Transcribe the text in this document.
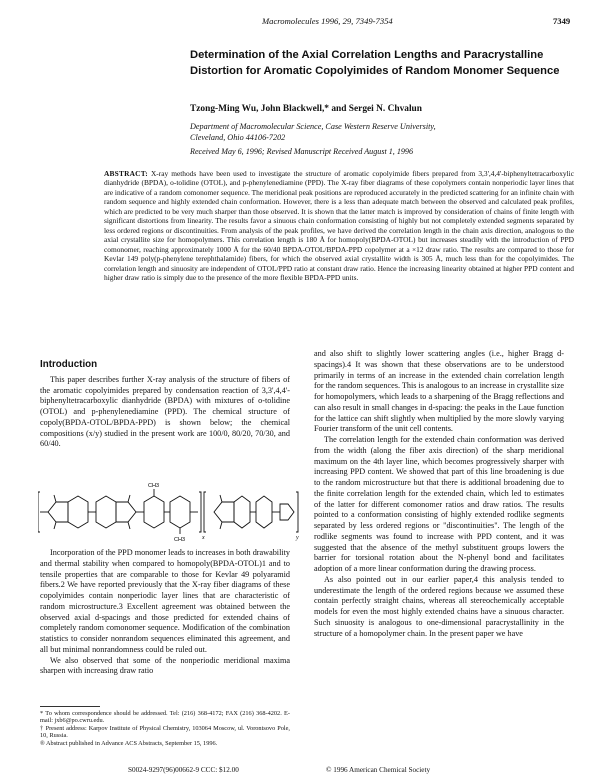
Macromolecules 1996, 29, 7349-7354	7349
Determination of the Axial Correlation Lengths and Paracrystalline Distortion for Aromatic Copolyimides of Random Monomer Sequence

Tzong-Ming Wu, John Blackwell,* and Sergei N. Chvalun

Department of Macromolecular Science, Case Western Reserve University, Cleveland, Ohio 44106-7202

Received May 6, 1996; Revised Manuscript Received August 1, 1996

ABSTRACT: X-ray methods have been used to investigate the structure of aromatic copolyimide fibers prepared from 3,3',4,4'-biphenyltetracarboxylic dianhydride (BPDA), o-tolidine (OTOL), and p-phenylenediamine (PPD). The X-ray fiber diagrams of these copolymers contain nonperiodic layer lines that are indicative of a random comonomer sequence. The meridional peak positions are reproduced accurately in the predicted scattering for an infinite chain with random sequence and highly extended chain conformation. However, there is a less than adequate match between the observed and calculated peak profiles, which are predicted to be very much sharper than those observed. It is shown that the latter match is improved by consideration of chains of finite length with significant distortions from linearity. The results favor a sinuous chain conformation consisting of highly but not completely extended segments separated by less ordered regions or discontinuities. From analysis of the peak profiles, we have derived the correlation length in the chain axis direction, analogous to the axial crystallite size for homopolymers. This correlation length is 180 Å for homopoly(BPDA-OTOL) but increases steadily with the introduction of PPD comonomer, reaching approximately 1000 Å for the 60/40 BPDA-OTOL/BPDA-PPD copolymer at a ×12 draw ratio. The results are compared to those for Kevlar 149 poly(p-phenylene terephthalamide) fibers, for which the observed axial crystallite width is 305 Å, much less than for the copolyimides. The correlation length and sinuosity are independent of OTOL/PPD ratio at constant draw ratio. Hence the increasing linearity obtained at higher PPD content and higher draw ratio is simply due to the presence of the more flexible BPDA-PPD units.

Introduction

This paper describes further X-ray analysis of the structure of fibers of the aromatic copolyimides prepared by condensation reaction of 3,3',4,4'-biphenyltetracarboxylic dianhydride (BPDA) with mixtures of o-tolidine (OTOL) and p-phenylenediamine (PPD). The chemical structure of copoly(BPDA-OTOL/BPDA-PPD) is shown below; the chemical compositions (x/y) studied in the present work are 100/0, 80/20, 70/30, and 60/40.

CH3
CH3	x	y

Incorporation of the PPD monomer leads to increases in both drawability and thermal stability when compared to homopoly(BPDA-OTOL)1 and to tensile properties that are comparable to those for Kevlar 49 polyaramid fibers.2 We have reported previously that the X-ray fiber diagrams of these copolyimides contain nonperiodic layer lines that are characteristic of random microstructure.3 Excellent agreement was obtained between the observed axial d-spacings and those predicted for extended chains of completely random comonomer sequence. Modification of the combination statistics to consider nonrandom sequences eliminated this agreement, and all but minimal nonrandomness could be ruled out.

We also observed that some of the nonperiodic meridional maxima sharpen with increasing draw ratio

and also shift to slightly lower scattering angles (i.e., higher Bragg d-spacings).4 It was shown that these observations are to be understood primarily in terms of an increase in the extended chain correlation length for the random sequences. This is analogous to an increase in crystallite size for homopolymers, which leads to a sharpening of the Bragg reflections and can also result in small changes in d-spacing: the peaks in the Laue function for the lattice can shift slightly when multiplied by the more slowly varying Fourier transform of the unit cell contents.

The correlation length for the extended chain conformation was derived from the width (along the fiber axis direction) of the sharp meridional maximum on the 4th layer line, which becomes progressively sharper with increasing PPD content. We showed that part of this line broadening is due to the random microstructure but that there is additional broadening due to the finite correlation length for the extended chain, which led to estimates of the latter for different comonomer ratios and draw ratios. The results pointed to a conformation consisting of highly extended rodlike segments separated by less ordered regions or "discontinuities". The length of the rodlike segments was found to increase with PPD content, and it was suggested that the absence of the methyl substituent groups lowers the barrier for torsional rotation about the N-phenyl bond and facilitates adoption of a more linear conformation during the drawing process.

As also pointed out in our earlier paper,4 this analysis tended to underestimate the length of the ordered regions because we assumed these contain perfectly straight chains, whereas all stereochemically acceptable models for even the most highly extended chains have a sinuous character. Such sinuosity is analogous to one-dimensional paracrystallinity in the structure of a homopolymer chain. In the present paper we have

* To whom correspondence should be addressed. Tel: (216) 368-4172; FAX (216) 368-4202. E-mail: jxb6@po.cwru.edu.
† Present address: Karpov Institute of Physical Chemistry, 103064 Moscow, ul. Vorontsovo Pole, 10, Russia.
® Abstract published in Advance ACS Abstracts, September 15, 1996.
S0024-9297(96)00662-9 CCC: $12.00	© 1996 American Chemical Society
